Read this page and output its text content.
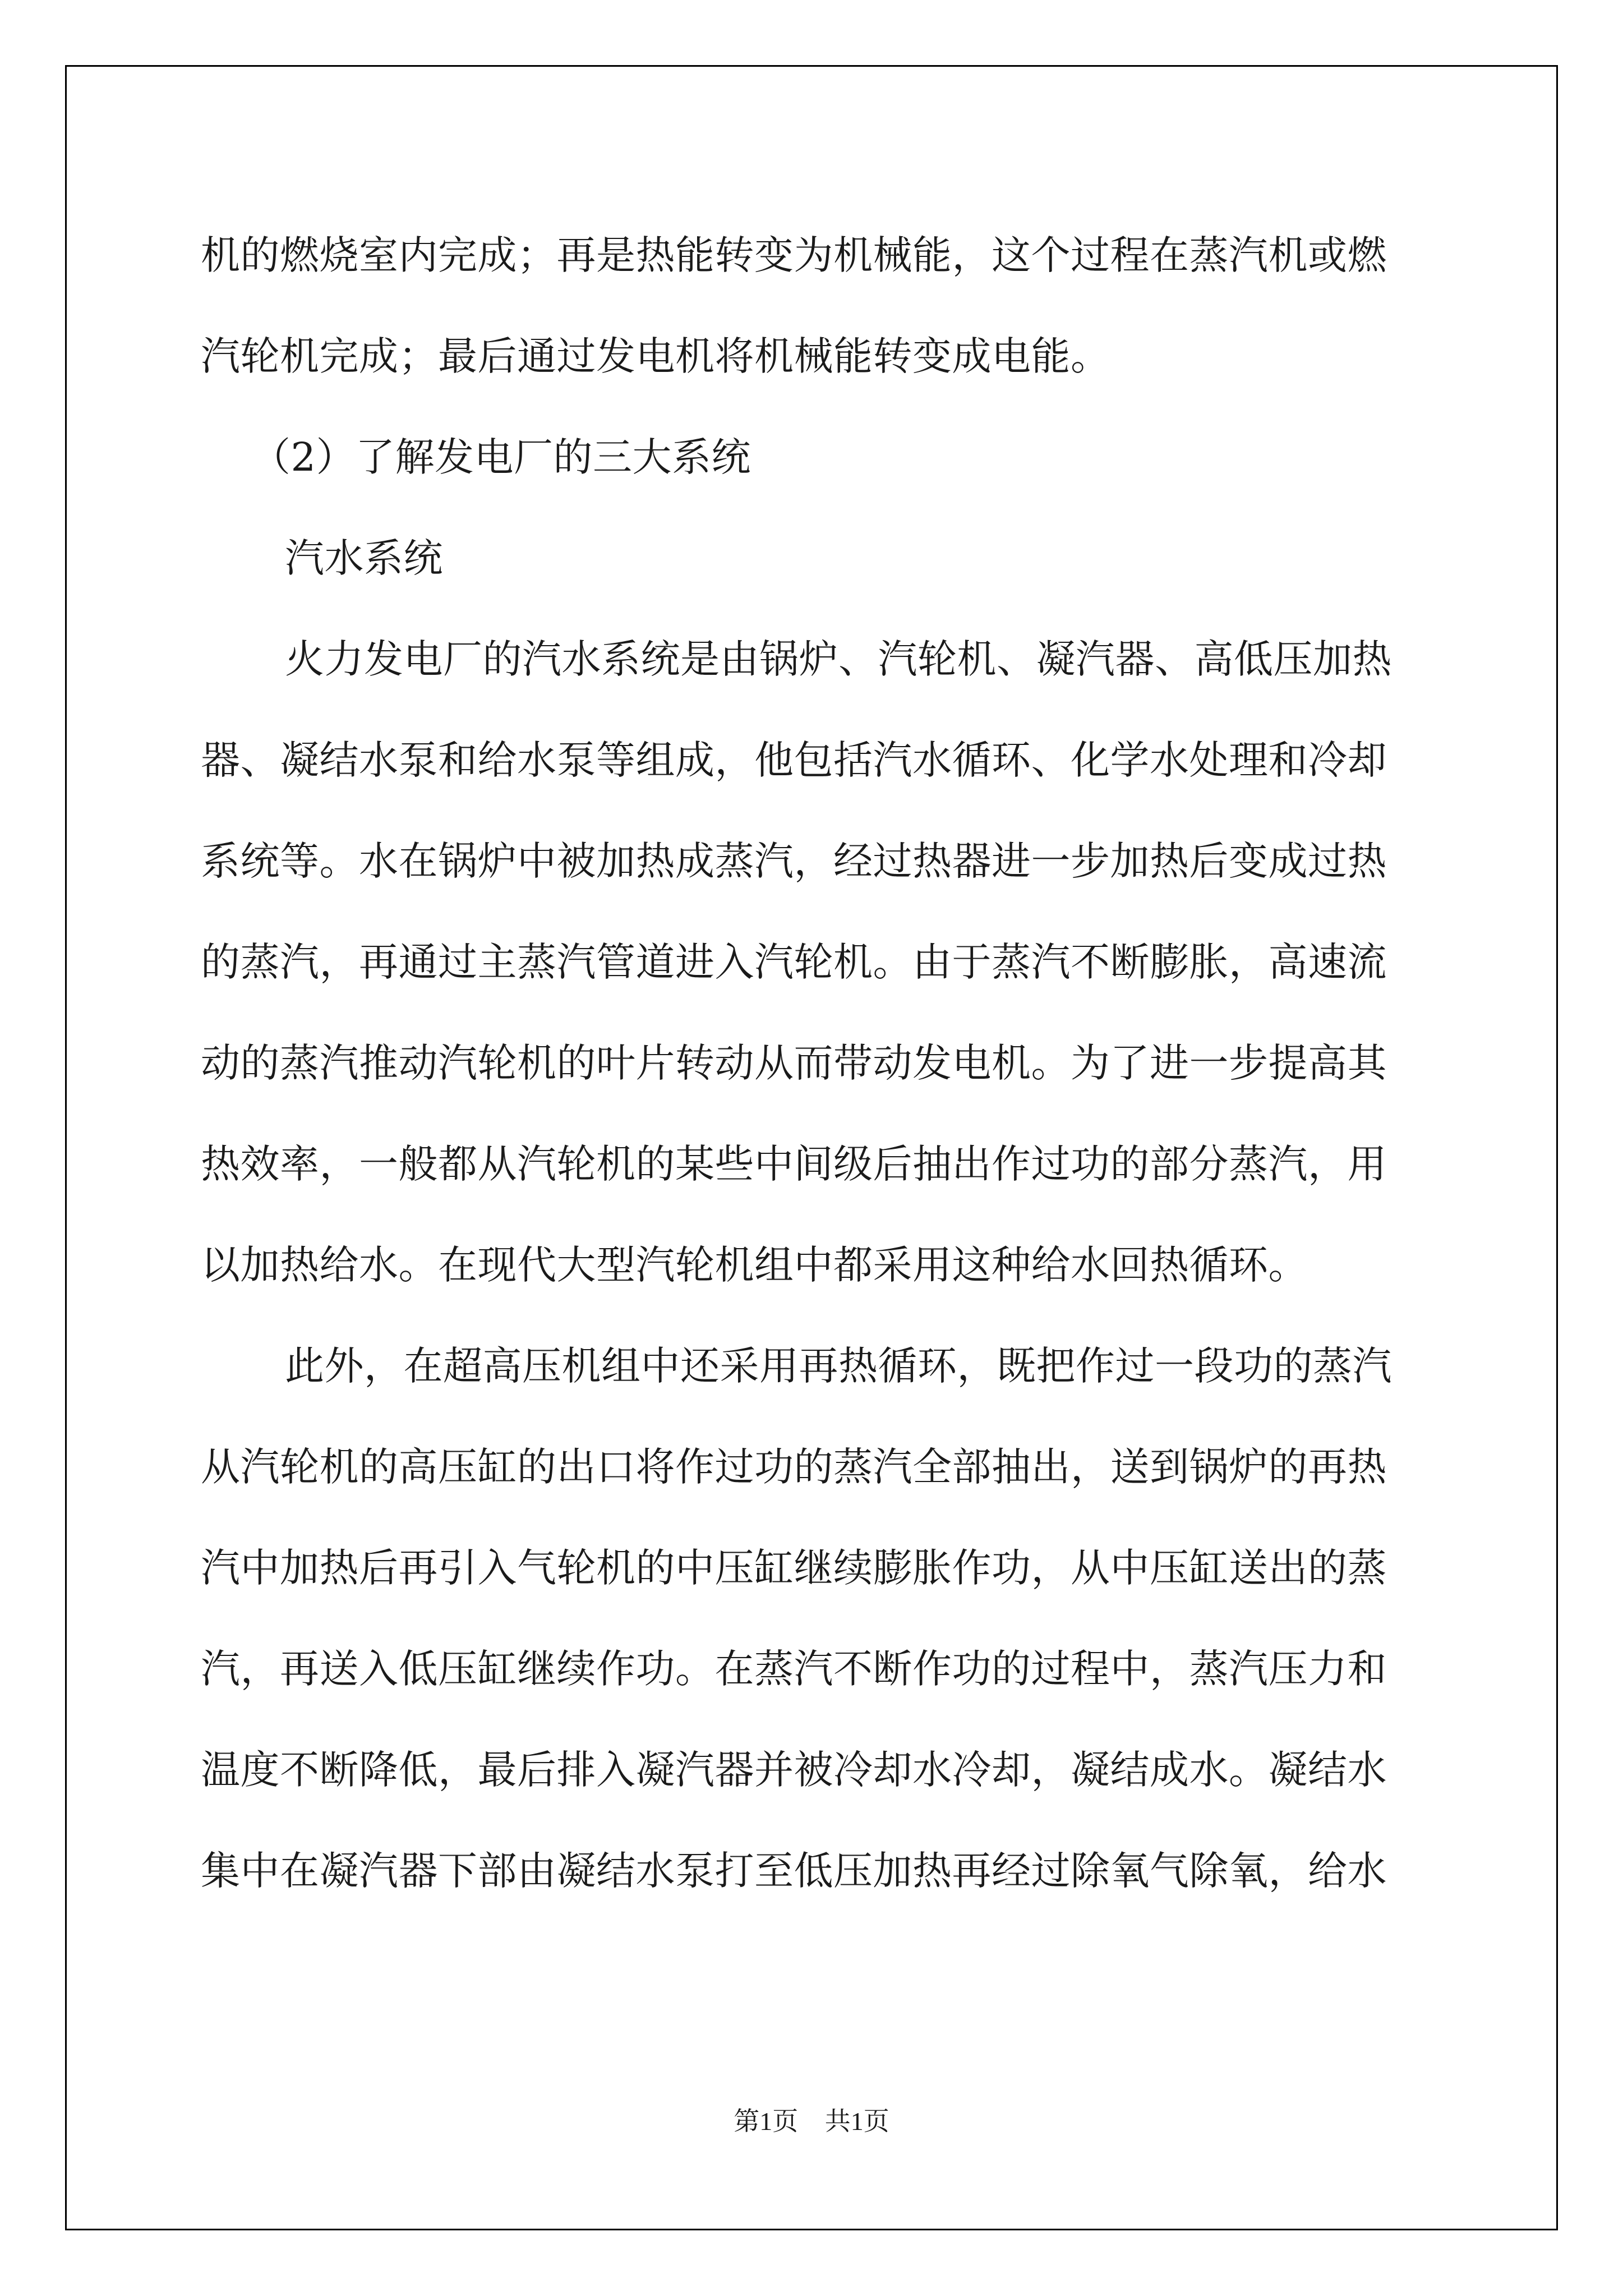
机的燃烧室内完成；再是热能转变为机械能，这个过程在蒸汽机或燃
汽轮机完成；最后通过发电机将机械能转变成电能。
（2）了解发电厂的三大系统
汽水系统
火力发电厂的汽水系统是由锅炉、汽轮机、凝汽器、高低压加热
器、凝结水泵和给水泵等组成，他包括汽水循环、化学水处理和冷却
系统等。水在锅炉中被加热成蒸汽，经过热器进一步加热后变成过热
的蒸汽，再通过主蒸汽管道进入汽轮机。由于蒸汽不断膨胀，高速流
动的蒸汽推动汽轮机的叶片转动从而带动发电机。为了进一步提高其
热效率，一般都从汽轮机的某些中间级后抽出作过功的部分蒸汽，用
以加热给水。在现代大型汽轮机组中都采用这种给水回热循环。
此外，在超高压机组中还采用再热循环，既把作过一段功的蒸汽
从汽轮机的高压缸的出口将作过功的蒸汽全部抽出，送到锅炉的再热
汽中加热后再引入气轮机的中压缸继续膨胀作功，从中压缸送出的蒸
汽，再送入低压缸继续作功。在蒸汽不断作功的过程中，蒸汽压力和
温度不断降低，最后排入凝汽器并被冷却水冷却，凝结成水。凝结水
集中在凝汽器下部由凝结水泵打至低压加热再经过除氧气除氧，给水
第1页 共1页
